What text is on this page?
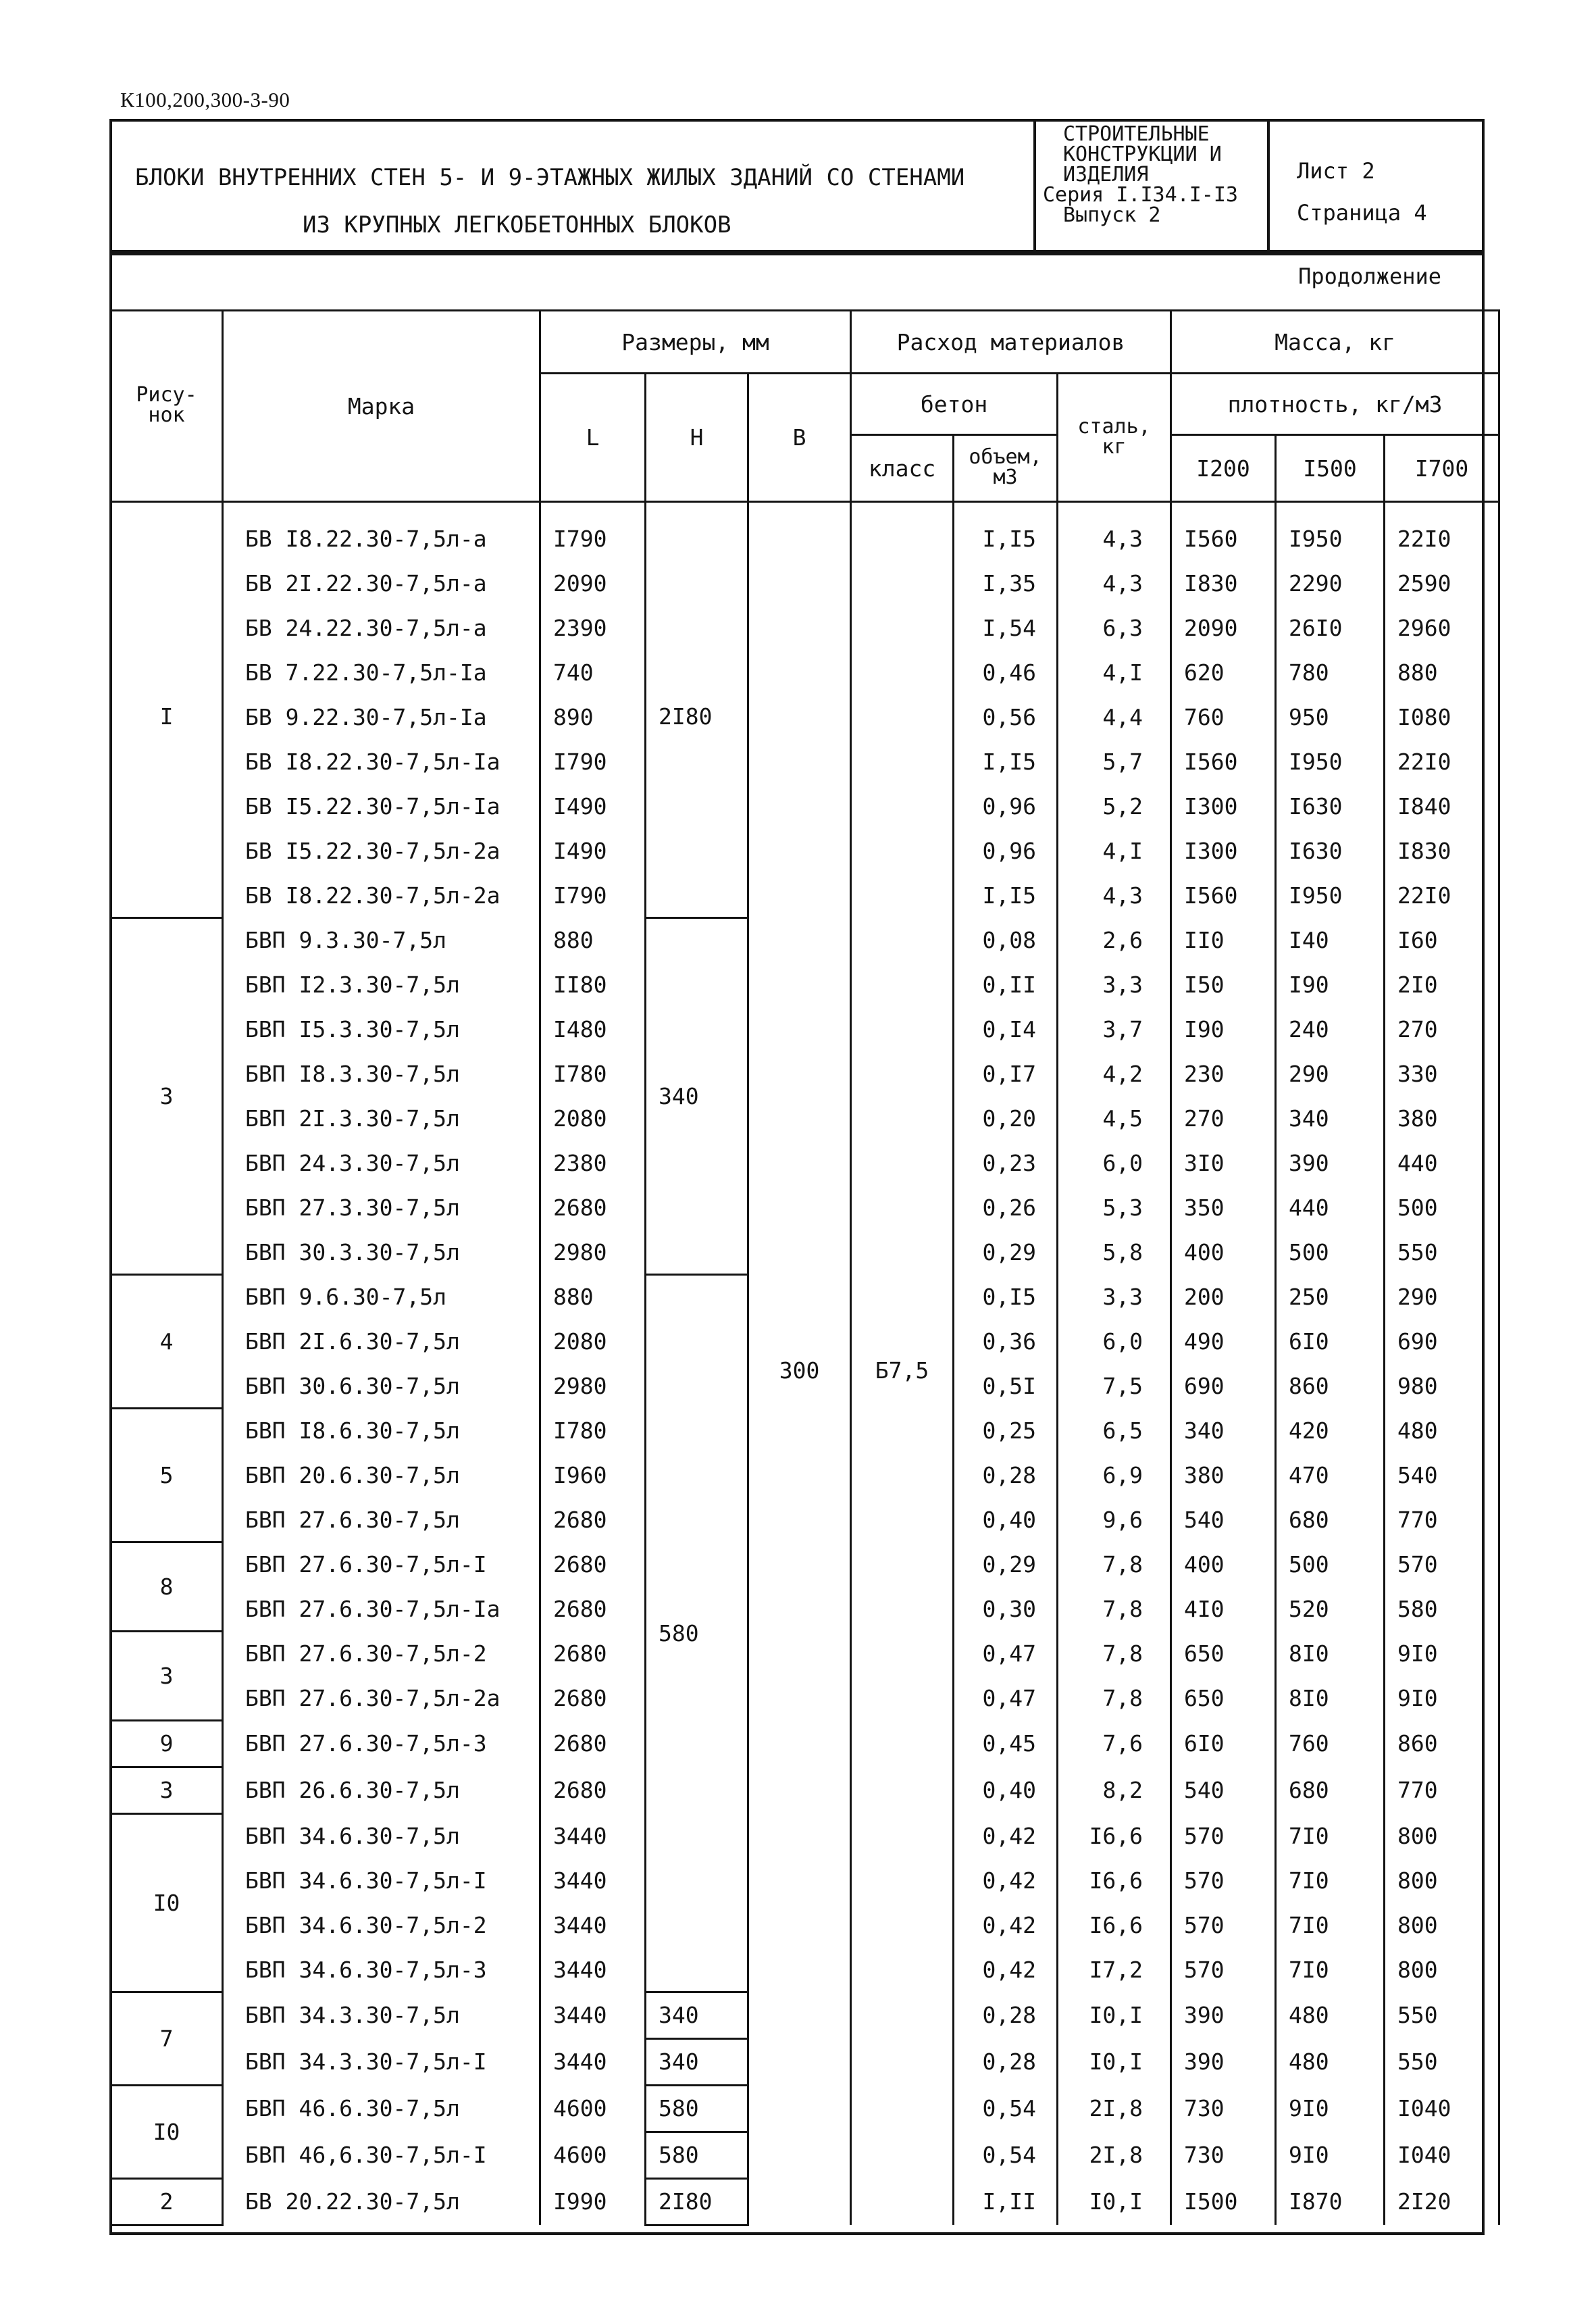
К100,200,300-3-90
БЛОКИ ВНУТРЕННИХ СТЕН 5- И 9-ЭТАЖНЫХ ЖИЛЫХ ЗДАНИЙ СО СТЕНАМИ
ИЗ КРУПНЫХ ЛЕГКОБЕТОННЫХ БЛОКОВ
СТРОИТЕЛЬНЫЕ
КОНСТРУКЦИИ И
ИЗДЕЛИЯ
Серия I.I34.I-I3
Выпуск 2
Лист 2
Страница 4
Продолжение
Рису-нок	Марка	Размеры, мм			Расход материалов			Масса, кг		
		L	H	B	бетон		сталь, кг	плотность, кг/м3		
					класс	объем, м3		I200	I500	I700
I	БВ I8.22.30-7,5л-а	I790	2I80	300	Б7,5	I,I5	4,3	I560	I950	22I0
	БВ 2I.22.30-7,5л-а	2090				I,35	4,3	I830	2290	2590
	БВ 24.22.30-7,5л-а	2390				I,54	6,3	2090	26I0	2960
	БВ 7.22.30-7,5л-Iа	740				0,46	4,I	620	780	880
	БВ 9.22.30-7,5л-Iа	890				0,56	4,4	760	950	I080
	БВ I8.22.30-7,5л-Iа	I790				I,I5	5,7	I560	I950	22I0
	БВ I5.22.30-7,5л-Iа	I490				0,96	5,2	I300	I630	I840
	БВ I5.22.30-7,5л-2а	I490				0,96	4,I	I300	I630	I830
	БВ I8.22.30-7,5л-2а	I790				I,I5	4,3	I560	I950	22I0
3	БВП 9.3.30-7,5л	880	340			0,08	2,6	II0	I40	I60
	БВП I2.3.30-7,5л	II80				0,II	3,3	I50	I90	2I0
	БВП I5.3.30-7,5л	I480				0,I4	3,7	I90	240	270
	БВП I8.3.30-7,5л	I780				0,I7	4,2	230	290	330
	БВП 2I.3.30-7,5л	2080				0,20	4,5	270	340	380
	БВП 24.3.30-7,5л	2380				0,23	6,0	3I0	390	440
	БВП 27.3.30-7,5л	2680				0,26	5,3	350	440	500
	БВП 30.3.30-7,5л	2980				0,29	5,8	400	500	550
4	БВП 9.6.30-7,5л	880	580			0,I5	3,3	200	250	290
	БВП 2I.6.30-7,5л	2080				0,36	6,0	490	6I0	690
	БВП 30.6.30-7,5л	2980				0,5I	7,5	690	860	980
5	БВП I8.6.30-7,5л	I780				0,25	6,5	340	420	480
	БВП 20.6.30-7,5л	I960				0,28	6,9	380	470	540
	БВП 27.6.30-7,5л	2680				0,40	9,6	540	680	770
8	БВП 27.6.30-7,5л-I	2680				0,29	7,8	400	500	570
	БВП 27.6.30-7,5л-Iа	2680				0,30	7,8	4I0	520	580
3	БВП 27.6.30-7,5л-2	2680				0,47	7,8	650	8I0	9I0
	БВП 27.6.30-7,5л-2а	2680				0,47	7,8	650	8I0	9I0
9	БВП 27.6.30-7,5л-3	2680				0,45	7,6	6I0	760	860
3	БВП 26.6.30-7,5л	2680				0,40	8,2	540	680	770
I0	БВП 34.6.30-7,5л	3440				0,42	I6,6	570	7I0	800
	БВП 34.6.30-7,5л-I	3440				0,42	I6,6	570	7I0	800
	БВП 34.6.30-7,5л-2	3440				0,42	I6,6	570	7I0	800
	БВП 34.6.30-7,5л-3	3440				0,42	I7,2	570	7I0	800
7	БВП 34.3.30-7,5л	3440	340			0,28	I0,I	390	480	550
	БВП 34.3.30-7,5л-I	3440	340			0,28	I0,I	390	480	550
I0	БВП 46.6.30-7,5л	4600	580			0,54	2I,8	730	9I0	I040
	БВП 46,6.30-7,5л-I	4600	580			0,54	2I,8	730	9I0	I040
2	БВ 20.22.30-7,5л	I990	2I80			I,II	I0,I	I500	I870	2I20
